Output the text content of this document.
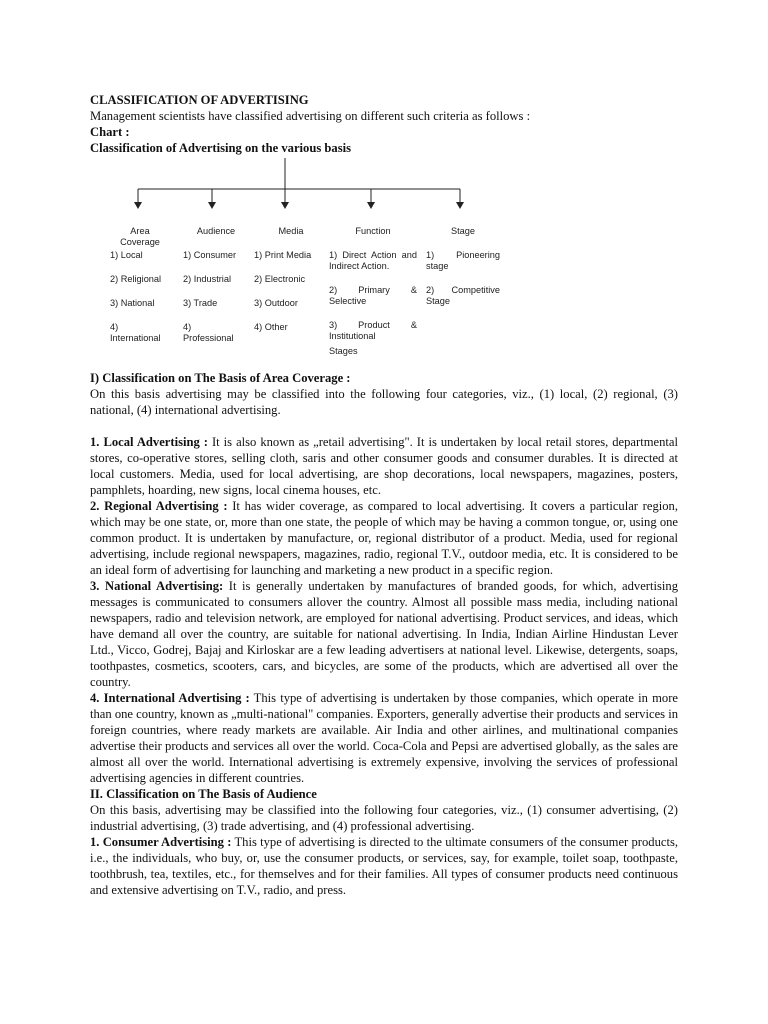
CLASSIFICATION OF ADVERTISING

Management scientists have classified advertising on different such criteria as follows :

Chart :

Classification of Advertising on the various basis

Area Coverage
1) Local
2) Religional
3) National
4) International
Audience
1) Consumer
2) Industrial
3) Trade
4) Professional
Media
1) Print Media
2) Electronic
3) Outdoor
4) Other
Function
1) Direct Action and Indirect Action.
2) Primary & Selective
3) Product & Institutional
Stage
1) Pioneering stage
2) Competitive Stage
Stages

I) Classification on The Basis of Area Coverage :

On this basis advertising may be classified into the following four categories, viz., (1) local, (2) regional, (3) national, (4) international advertising.

1. Local Advertising : It is also known as „retail advertising". It is undertaken by local retail stores, departmental stores, co-operative stores, selling cloth, saris and other consumer goods and consumer durables. It is directed at local customers. Media, used for local advertising, are shop decorations, local newspapers, magazines, posters, pamphlets, hoarding, new signs, local cinema houses, etc.

2. Regional Advertising : It has wider coverage, as compared to local advertising. It covers a particular region, which may be one state, or, more than one state, the people of which may be having a common tongue, or, using one common product. It is undertaken by manufacture, or, regional distributor of a product. Media, used for regional advertising, include regional newspapers, magazines, radio, regional T.V., outdoor media, etc. It is considered to be an ideal form of advertising for launching and marketing a new product in a specific region.

3. National Advertising: It is generally undertaken by manufactures of branded goods, for which, advertising messages is communicated to consumers allover the country. Almost all possible mass media, including national newspapers, radio and television network, are employed for national advertising. Product services, and ideas, which have demand all over the country, are suitable for national advertising. In India, Indian Airline Hindustan Lever Ltd., Vicco, Godrej, Bajaj and Kirloskar are a few leading advertisers at national level. Likewise, detergents, soaps, toothpastes, cosmetics, scooters, cars, and bicycles, are some of the products, which are advertised all over the country.

4. International Advertising : This type of advertising is undertaken by those companies, which operate in more than one country, known as „multi-national" companies. Exporters, generally advertise their products and services in foreign countries, where ready markets are available. Air India and other airlines, and multinational companies advertise their products and services all over the world. Coca-Cola and Pepsi are advertised globally, as the sales are almost all over the world. International advertising is extremely expensive, involving the services of professional advertising agencies in different countries.

II. Classification on The Basis of Audience

On this basis, advertising may be classified into the following four categories, viz., (1) consumer advertising, (2) industrial advertising, (3) trade advertising, and (4) professional advertising.

1. Consumer Advertising : This type of advertising is directed to the ultimate consumers of the consumer products, i.e., the individuals, who buy, or, use the consumer products, or services, say, for example, toilet soap, toothpaste, toothbrush, tea, textiles, etc., for themselves and for their families. All types of consumer products need continuous and extensive advertising on T.V., radio, and press.
